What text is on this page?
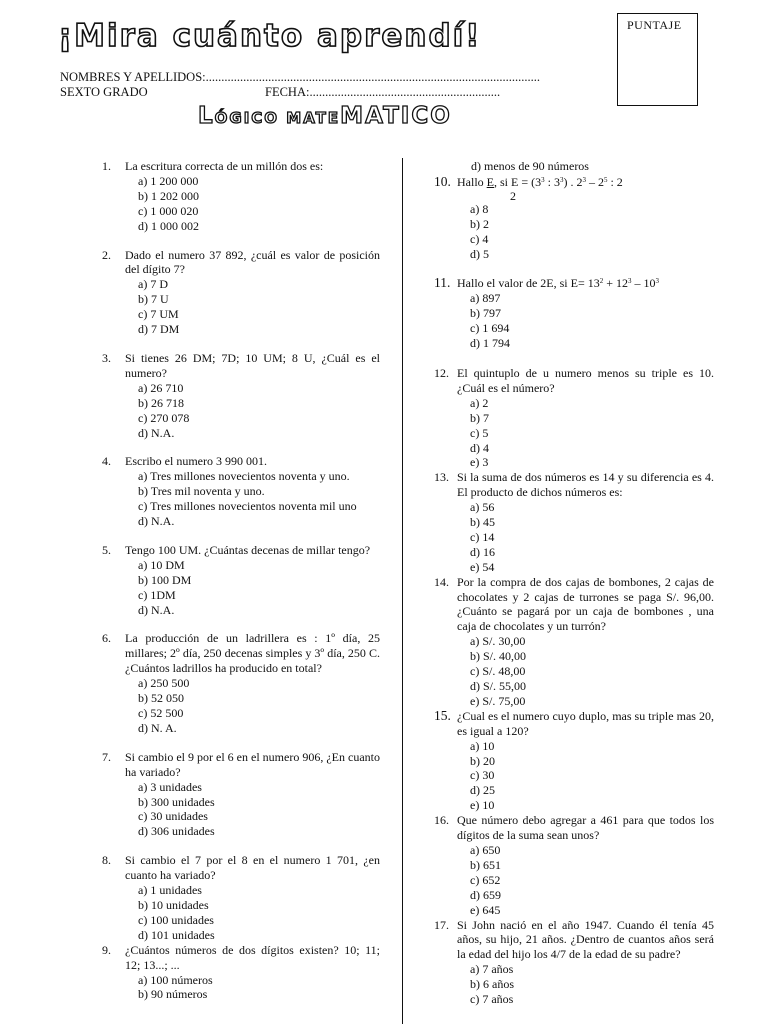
¡Mira cuánto aprendí!	PUNTAJE
NOMBRES Y APELLIDOS:...........................................................................................................
SEXTO GRADO	FECHA:.............................................................
LÓGICO MATEMATICO
1.	La escritura correcta de un millón dos es:
a) 1 200 000
b) 1 202 000
c) 1 000 020
d) 1 000 002
2.	Dado el numero 37 892, ¿cuál es valor de posición del dígito 7?
a) 7 D
b) 7 U
c) 7 UM
d) 7 DM
3.	Si tienes 26 DM; 7D; 10 UM; 8 U, ¿Cuál es el numero?
a) 26 710
b) 26 718
c) 270 078
d) N.A.
4.	Escribo el numero 3 990 001.
a) Tres millones novecientos noventa y uno.
b) Tres mil noventa y uno.
c) Tres millones novecientos noventa mil uno
d) N.A.
5.	Tengo 100 UM. ¿Cuántas decenas de millar tengo?
a) 10 DM
b) 100 DM
c) 1DM
d) N.A.
6.	La producción de un ladrillera es : 1º día, 25 millares; 2º día, 250 decenas simples y 3º día, 250 C. ¿Cuántos ladrillos ha producido en total?
a) 250 500
b) 52 050
c) 52 500
d) N. A.
7.	Si cambio el 9 por el 6 en el numero 906, ¿En cuanto ha variado?
a) 3 unidades
b) 300 unidades
c) 30 unidades
d) 306 unidades
8.	Si cambio el 7 por el 8 en el numero 1 701, ¿en cuanto ha variado?
a) 1 unidades
b) 10 unidades
c) 100 unidades
d) 101 unidades
9.	¿Cuántos números de dos dígitos existen? 10; 11; 12; 13...; ...
a) 100 números
b) 90 números
d) menos de 90 números
10. Hallo E, si $E = (3^3$ : $3^3$) . $2^3 - 2^5$ : 2
2
a) 8
b) 2
c) 4
d) 5
11. Hallo el valor de 2E, si $E= 13^2 + 12^3 - 10^3$
a) 897
b) 797
c) 1 694
d) 1 794
12. El quintuplo de u numero menos su triple es 10. ¿Cuál es el número?
a) 2
b) 7
c) 5
d) 4
e) 3
13. Si la suma de dos números es 14 y su diferencia es 4. El producto de dichos números es:
a) 56
b) 45
c) 14
d) 16
e) 54
14. Por la compra de dos cajas de bombones, 2 cajas de chocolates y 2 cajas de turrones se paga S/. 96,00. ¿Cuánto se pagará por un caja de bombones , una caja de chocolates y un turrón?
a) S/. 30,00
b) S/. 40,00
c) S/. 48,00
d) S/. 55,00
e) S/. 75,00
15. ¿Cual es el numero cuyo duplo, mas su triple mas 20, es igual a 120?
a) 10
b) 20
c) 30
d) 25
e) 10
16. Que número debo agregar a 461 para que todos los dígitos de la suma sean unos?
a) 650
b) 651
c) 652
d) 659
e) 645
17. Si John nació en el año 1947. Cuando él tenía 45 años, su hijo, 21 años. ¿Dentro de cuantos años será la edad del hijo los 4/7 de la edad de su padre?
a) 7 años
b) 6 años
c) 7 años
